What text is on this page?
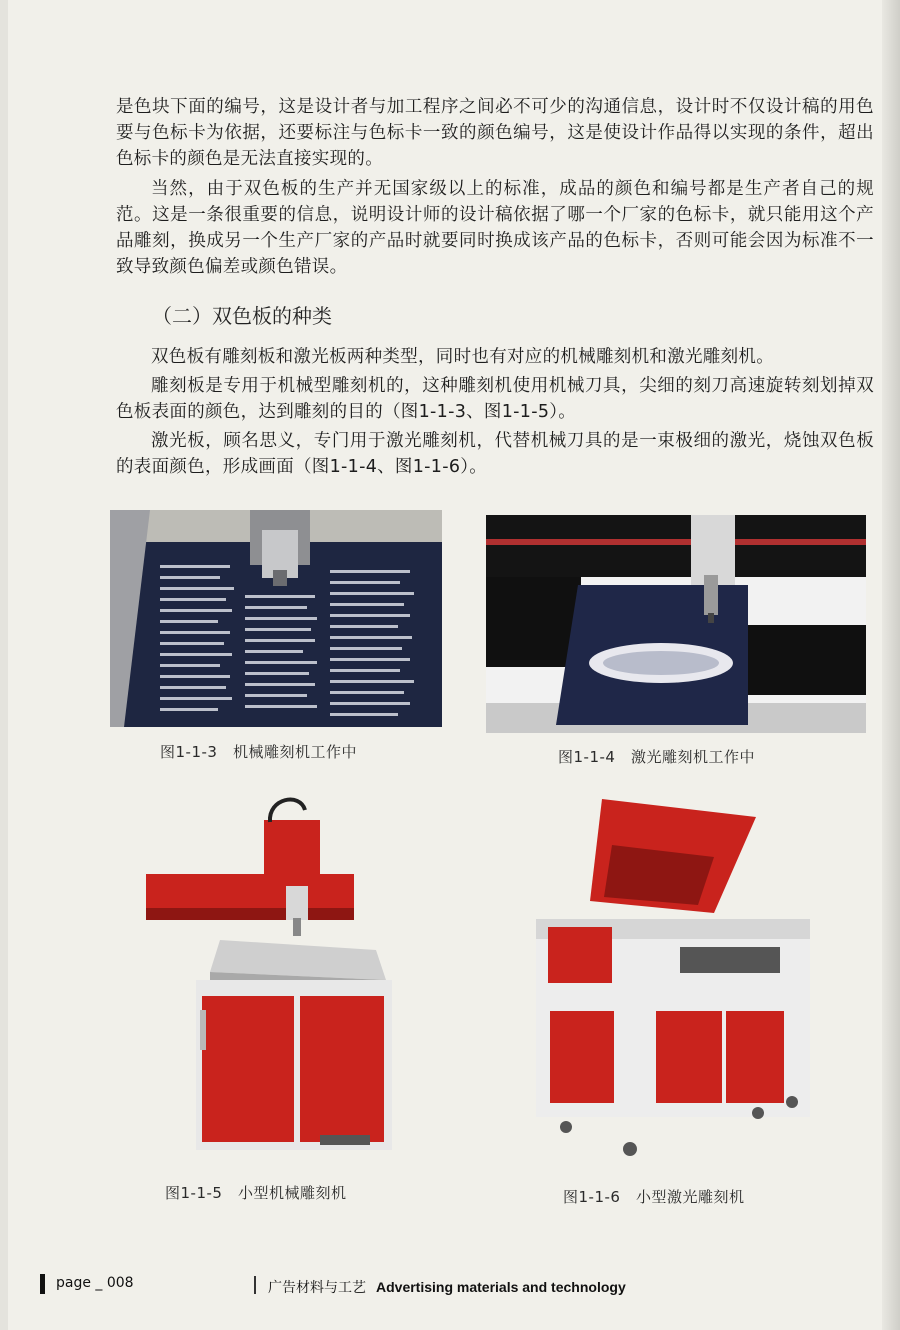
是色块下面的编号，这是设计者与加工程序之间必不可少的沟通信息，设计时不仅设计稿的用色要与色标卡为依据，还要标注与色标卡一致的颜色编号，这是使设计作品得以实现的条件，超出色标卡的颜色是无法直接实现的。

当然，由于双色板的生产并无国家级以上的标准，成品的颜色和编号都是生产者自己的规范。这是一条很重要的信息，说明设计师的设计稿依据了哪一个厂家的色标卡，就只能用这个产品雕刻，换成另一个生产厂家的产品时就要同时换成该产品的色标卡，否则可能会因为标准不一致导致颜色偏差或颜色错误。

（二）双色板的种类

双色板有雕刻板和激光板两种类型，同时也有对应的机械雕刻机和激光雕刻机。

雕刻板是专用于机械型雕刻机的，这种雕刻机使用机械刀具，尖细的刻刀高速旋转刻划掉双色板表面的颜色，达到雕刻的目的（图1-1-3、图1-1-5）。

激光板，顾名思义，专门用于激光雕刻机，代替机械刀具的是一束极细的激光，烧蚀双色板的表面颜色，形成画面（图1-1-4、图1-1-6）。

图1-1-3　机械雕刻机工作中	图1-1-4　激光雕刻机工作中
图1-1-5　小型机械雕刻机	图1-1-6　小型激光雕刻机
page _ 008	广告材料与工艺 Advertising materials and technology
